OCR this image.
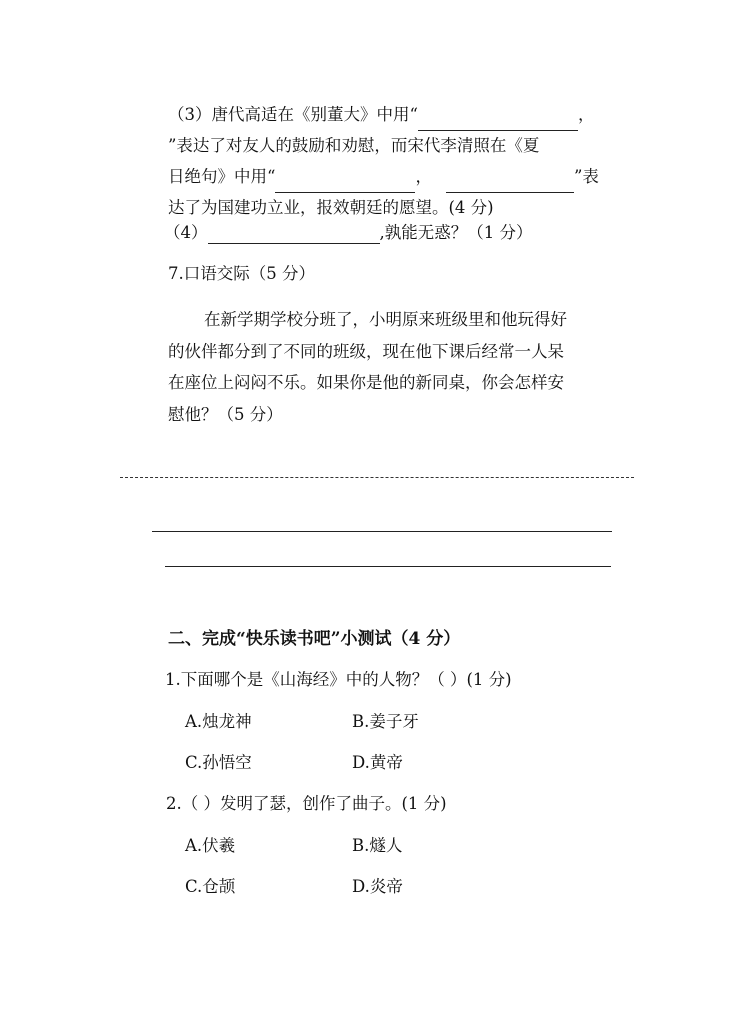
（3）唐代高适在《别董大》中用“	，
”表达了对友人的鼓励和劝慰，而宋代李清照在《夏
日绝句》中用“	，	”表
达了为国建功立业，报效朝廷的愿望。(4 分)
（4）	,孰能无惑？（1 分）
7.口语交际（5 分）
在新学期学校分班了，小明原来班级里和他玩得好
的伙伴都分到了不同的班级，现在他下课后经常一人呆
在座位上闷闷不乐。如果你是他的新同桌，你会怎样安
慰他？（5 分）
二、完成“快乐读书吧”小测试（4 分）
1.下面哪个是《山海经》中的人物？（ ）(1 分)
A.烛龙神	B.姜子牙
C.孙悟空	D.黄帝
2.（ ）发明了瑟，创作了曲子。(1 分)
A.伏羲	B.燧人
C.仓颉	D.炎帝
